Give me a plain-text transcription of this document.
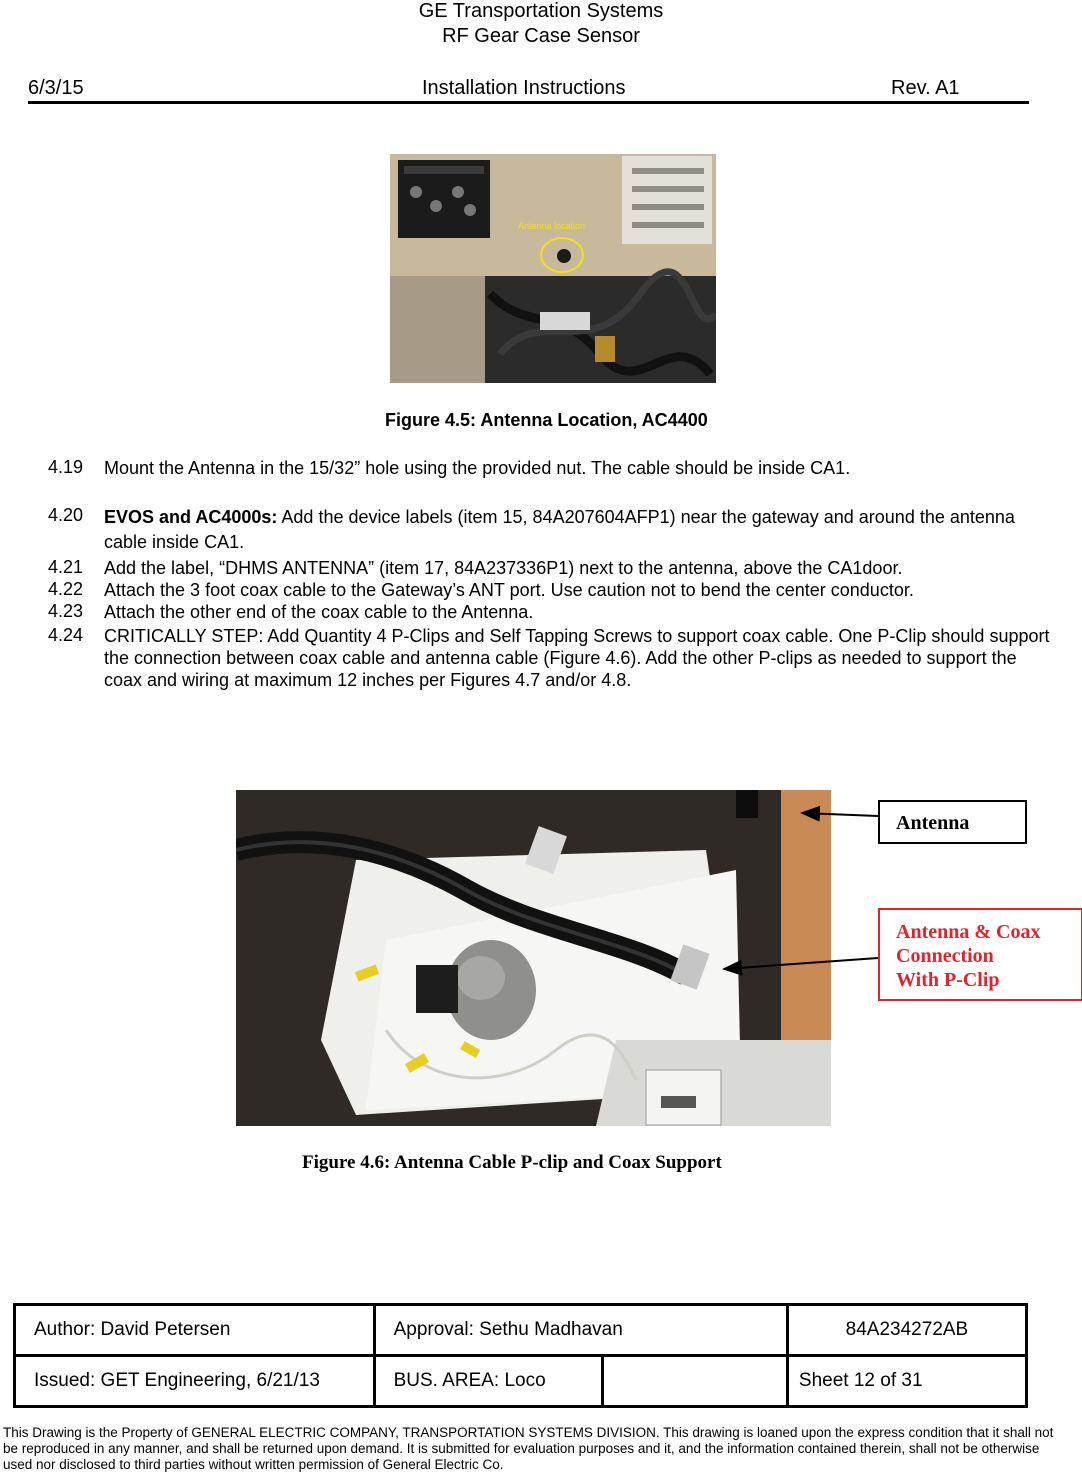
GE Transportation Systems
RF Gear Case Sensor
6/3/15	Installation Instructions	Rev. A1
Antenna location
Figure 4.5: Antenna Location, AC4400
4.19 Mount the Antenna in the 15/32” hole using the provided nut. The cable should be inside CA1.
4.20 EVOS and AC4000s: Add the device labels (item 15, 84A207604AFP1) near the gateway and around the antenna cable inside CA1.
4.21 Add the label, “DHMS ANTENNA” (item 17, 84A237336P1) next to the antenna, above the CA1door.
4.22 Attach the 3 foot coax cable to the Gateway’s ANT port. Use caution not to bend the center conductor.
4.23 Attach the other end of the coax cable to the Antenna.
4.24 CRITICALLY STEP: Add Quantity 4 P-Clips and Self Tapping Screws to support coax cable. One P-Clip should support the connection between coax cable and antenna cable (Figure 4.6). Add the other P-clips as needed to support the coax and wiring at maximum 12 inches per Figures 4.7 and/or 4.8.
Antenna
Antenna & Coax
Connection
With P-Clip
Figure 4.6: Antenna Cable P-clip and Coax Support
Author: David Petersen	Approval: Sethu Madhavan		84A234272AB
Issued: GET Engineering, 6/21/13	BUS. AREA: Loco		Sheet 12 of 31
This Drawing is the Property of GENERAL ELECTRIC COMPANY, TRANSPORTATION SYSTEMS DIVISION. This drawing is loaned upon the express condition that it shall not be reproduced in any manner, and shall be returned upon demand. It is submitted for evaluation purposes and it, and the information contained therein, shall not be otherwise used nor disclosed to third parties without written permission of General Electric Co.
